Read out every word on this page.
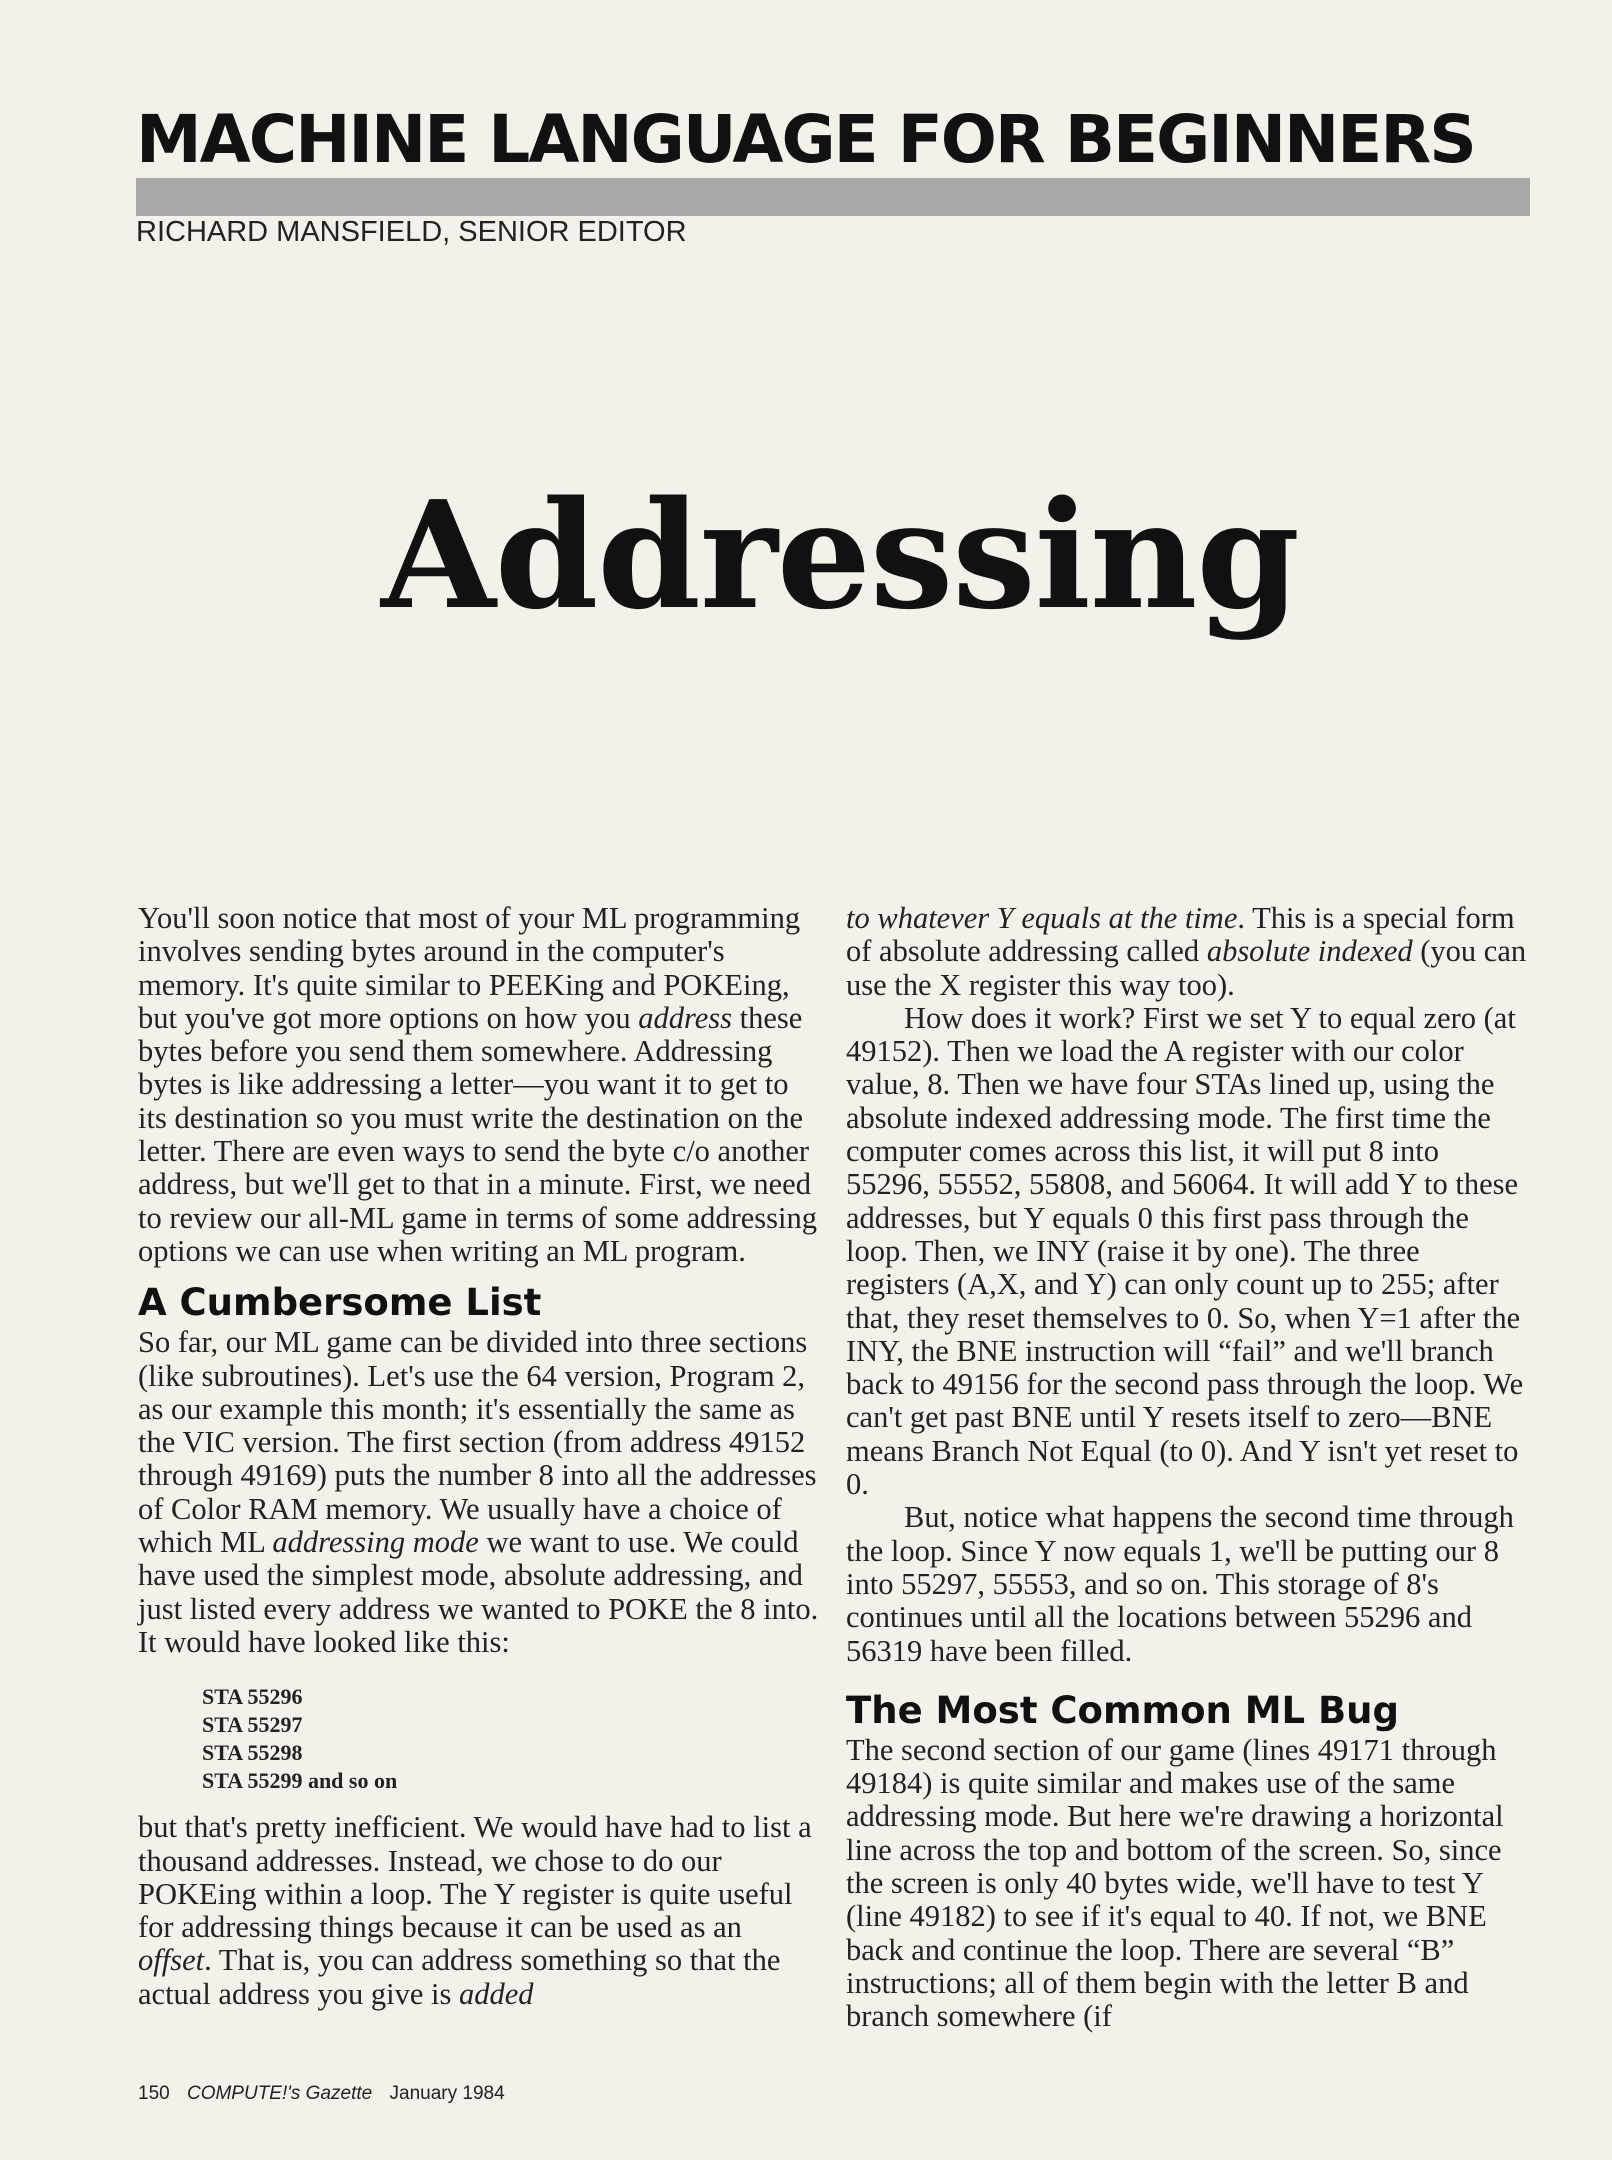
MACHINE LANGUAGE FOR BEGINNERS
RICHARD MANSFIELD, SENIOR EDITOR
Addressing

You'll soon notice that most of your ML programming involves sending bytes around in the computer's memory. It's quite similar to PEEKing and POKEing, but you've got more options on how you address these bytes before you send them somewhere. Addressing bytes is like addressing a letter—you want it to get to its destination so you must write the destination on the letter. There are even ways to send the byte c/o another address, but we'll get to that in a minute. First, we need to review our all-ML game in terms of some addressing options we can use when writing an ML program.

A Cumbersome List

So far, our ML game can be divided into three sections (like subroutines). Let's use the 64 version, Program 2, as our example this month; it's essentially the same as the VIC version. The first section (from address 49152 through 49169) puts the number 8 into all the addresses of Color RAM memory. We usually have a choice of which ML addressing mode we want to use. We could have used the simplest mode, absolute addressing, and just listed every address we wanted to POKE the 8 into. It would have looked like this:

STA 55296
STA 55297
STA 55298
STA 55299 and so on

but that's pretty inefficient. We would have had to list a thousand addresses. Instead, we chose to do our POKEing within a loop. The Y register is quite useful for addressing things because it can be used as an offset. That is, you can address something so that the actual address you give is added

to whatever Y equals at the time. This is a special form of absolute addressing called absolute indexed (you can use the X register this way too).

How does it work? First we set Y to equal zero (at 49152). Then we load the A register with our color value, 8. Then we have four STAs lined up, using the absolute indexed addressing mode. The first time the computer comes across this list, it will put 8 into 55296, 55552, 55808, and 56064. It will add Y to these addresses, but Y equals 0 this first pass through the loop. Then, we INY (raise it by one). The three registers (A,X, and Y) can only count up to 255; after that, they reset themselves to 0. So, when Y=1 after the INY, the BNE instruction will “fail” and we'll branch back to 49156 for the second pass through the loop. We can't get past BNE until Y resets itself to zero—BNE means Branch Not Equal (to 0). And Y isn't yet reset to 0.

But, notice what happens the second time through the loop. Since Y now equals 1, we'll be putting our 8 into 55297, 55553, and so on. This storage of 8's continues until all the locations between 55296 and 56319 have been filled.

The Most Common ML Bug

The second section of our game (lines 49171 through 49184) is quite similar and makes use of the same addressing mode. But here we're drawing a horizontal line across the top and bottom of the screen. So, since the screen is only 40 bytes wide, we'll have to test Y (line 49182) to see if it's equal to 40. If not, we BNE back and continue the loop. There are several “B” instructions; all of them begin with the letter B and branch somewhere (if

150 COMPUTE!'s Gazette January 1984
